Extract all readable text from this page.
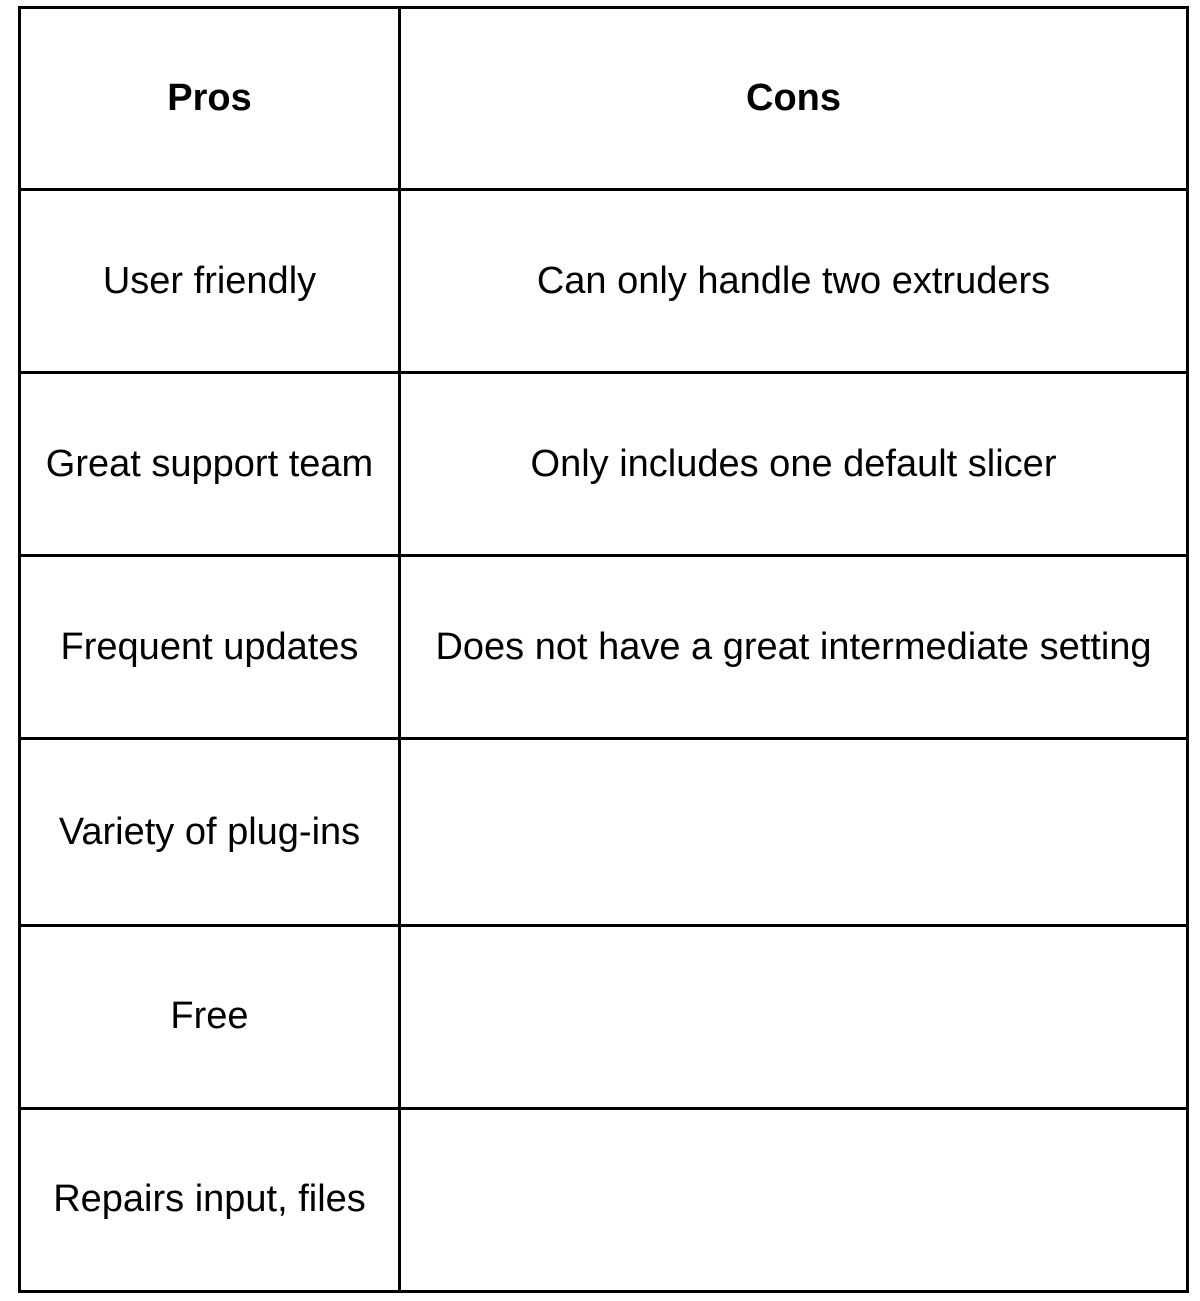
Pros	Cons
User friendly	Can only handle two extruders
Great support team	Only includes one default slicer
Frequent updates	Does not have a great intermediate setting
Variety of plug-ins	
Free	
Repairs input, files	
